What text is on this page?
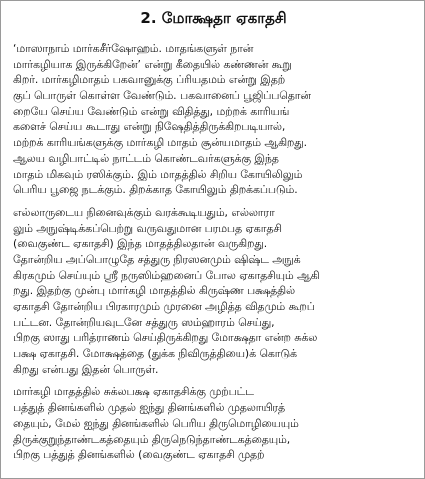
2. மோக்ஷதா ஏகாதசி
‘மாஸாநாம் மார்கசீர்ஷோஹம். மாதங்களுள் நான்
மார்கழியாக இருக்கிறேன்’ என்று கீதையில் கண்ணன் கூறு
கிறர். மார்கழிமாதம் பகவானுக்கு ப்ரியதமம் என்று இதற்
குப் பொருள் கொள்ள வேண்டும். பகவானைப் பூஜிப்பதொன்
றையே செய்ய வேண்டும் என்று விதித்து, மற்றக் காரியங்
களைச் செய்ய கூடாது என்று நிஷேதித்திருக்கிறபடியால்,
மற்றக் காரியங்களுக்கு மார்கழி மாதம் சூன்யமாதம் ஆகிறது.
ஆலய வழிபாட்டில் நாட்டம் கொண்டவர்களுக்கு இந்த
மாதம் மிகவும் ரஸிக்கும். இம் மாதத்தில் சிறிய கோயிலிலும்
பெரிய பூஜை நடக்கும். திறக்காத கோயிலும் திறக்கப்படும்.
எல்லாருடைய நினைவுக்கும் வரக்கூடியதும், எல்லாரா
லும் அநுஷ்டிக்கப்பெற்று வருவதுமான பரமபத ஏகாதசி
(வைகுண்ட ஏகாதசி) இந்த மாதத்திலதான் வருகிறது.
தோன்றிய அப்பொழுதே சத்துரு நிரஸனமும் ஷிஷ்ட அநுக்
கிரகமும் செய்யும் ஸ்ரீ நருஸிம்ஹனைப் போல ஏகாதசியும் ஆகி
றது. இதற்கு முன்பு மார்கழி மாதத்தில் கிருஷ்ண பக்ஷத்தில்
ஏகாதசி தோன்றிய பிரகாரமும் முரனை அழித்த விதமும் கூறப்
பட்டன. தோன்றியவுடனே சத்துரு ஸம்ஹாரம் செய்து,
பிறகு ஸாது பரித்ராணம் செய்திருக்கிறது மோக்ஷதா என்ற சுக்ல
பக்ஷ ஏகாதசி. மோக்ஷத்தை (துக்க நிவிருத்தியை)க் கொடுக்
கிறது என்பது இதன் பொருள்.
மார்கழி மாதத்தில் சுக்லபக்ஷ ஏகாதசிக்கு முற்பட்ட
பத்துத் தினங்களில் முதல் ஐந்து தினங்களில் முதலாயிரத்
தையும், மேல் ஐந்து தினங்களில் பெரிய திருமொழியையும்
திருக்குறுந்தாண்டகத்தையும் திருநெடுந்தாண்டகத்தையும்,
பிறகு பத்துத் தினங்களில் (வைகுண்ட ஏகாதசி முதற்
